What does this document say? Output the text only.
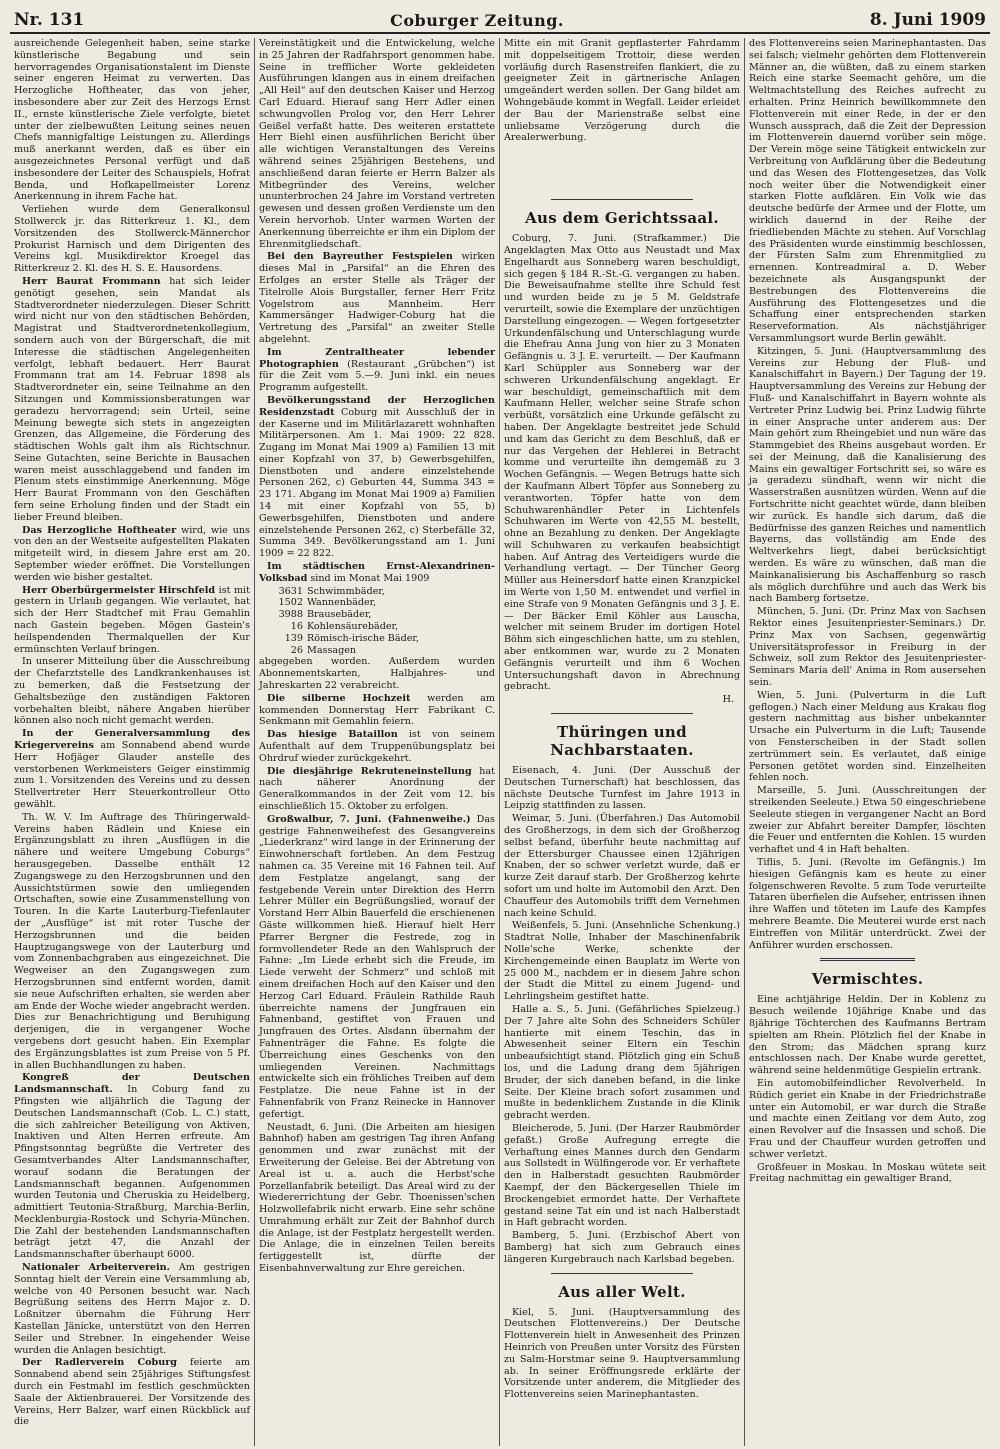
Nr. 131	Coburger Zeitung.	8. Juni 1909

ausreichende Gelegenheit haben, seine starke künstlerische Begabung und sein hervorragendes Organisationstalent im Dienste seiner engeren Heimat zu verwerten. Das Herzogliche Hoftheater, das von jeher, insbesondere aber zur Zeit des Herzogs Ernst II., ernste künstlerische Ziele verfolgte, bietet unter der zielbewußten Leitung seines neuen Chefs mannigfaltige Leistungen zu. Allerdings muß anerkannt werden, daß es über ein ausgezeichnetes Personal verfügt und daß insbesondere der Leiter des Schauspiels, Hofrat Benda, und Hofkapellmeister Lorenz Anerkennung in ihrem Fache hat.

Verliehen wurde dem Generalkonsul Stollwerck jr. das Ritterkreuz 1. Kl., dem Vorsitzenden des Stollwerck-Männerchor Prokurist Harnisch und dem Dirigenten des Vereins kgl. Musikdirektor Kroegel das Ritterkreuz 2. Kl. des H. S. E. Hausordens.

Herr Baurat Frommann hat sich leider genötigt gesehen, sein Mandat als Stadtverordneter niederzulegen. Dieser Schritt wird nicht nur von den städtischen Behörden, Magistrat und Stadtverordnetenkollegium, sondern auch von der Bürgerschaft, die mit Interesse die städtischen Angelegenheiten verfolgt, lebhaft bedauert. Herr Baurat Frommann trat am 14. Februar 1898 als Stadtverordneter ein, seine Teilnahme an den Sitzungen und Kommissionsberatungen war geradezu hervorragend; sein Urteil, seine Meinung bewegte sich stets in angezeigten Grenzen, das Allgemeine, die Förderung des städtischen Wohls galt ihm als Richtschnur. Seine Gutachten, seine Berichte in Bausachen waren meist ausschlaggebend und fanden im Plenum stets einstimmige Anerkennung. Möge Herr Baurat Frommann von den Geschäften fern seine Erholung finden und der Stadt ein lieber Freund bleiben.

Das Herzogliche Hoftheater wird, wie uns von den an der Westseite aufgestellten Plakaten mitgeteilt wird, in diesem Jahre erst am 20. September wieder eröffnet. Die Vorstellungen werden wie bisher gestaltet.

Herr Oberbürgermeister Hirschfeld ist mit gestern in Urlaub gegangen. Wie verlautet, hat sich der Herr Stadtchef mit Frau Gemahlin nach Gastein begeben. Mögen Gastein's heilspendenden Thermalquellen der Kur ermünschten Verlauf bringen.

In unserer Mitteilung über die Ausschreibung der Chefarztstelle des Landkrankenhauses ist zu bemerken, daß die Festsetzung der Gehaltsbezüge den zuständigen Faktoren vorbehalten bleibt, nähere Angaben hierüber können also noch nicht gemacht werden.

In der Generalversammlung des Kriegervereins am Sonnabend abend wurde Herr Hofjäger Glauder anstelle des verstorbenen Werkmeisters Geiger einstimmig zum 1. Vorsitzenden des Vereins und zu dessen Stellvertreter Herr Steuerkontrolleur Otto gewählt.

Th. W. V. Im Auftrage des Thüringerwald-Vereins haben Rädlein und Kniese ein Ergänzungsblatt zu ihren „Ausflügen in die nähere und weitere Umgebung Coburgs“ herausgegeben. Dasselbe enthält 12 Zugangswege zu den Herzogsbrunnen und den Aussichtstürmen sowie den umliegenden Ortschaften, sowie eine Zusammenstellung von Touren. In die Karte Lauterburg-Tiefenlauter der „Ausflüge“ ist mit roter Tusche der Herzogsbrunnen und die beiden Hauptzugangswege von der Lauterburg und vom Zonnenbachgraben aus eingezeichnet. Die Wegweiser an den Zugangswegen zum Herzogsbrunnen sind entfernt worden, damit sie neue Aufschriften erhalten, sie werden aber am Ende der Woche wieder angebracht werden. Dies zur Benachrichtigung und Beruhigung derjenigen, die in vergangener Woche vergebens dort gesucht haben. Ein Exemplar des Ergänzungsblattes ist zum Preise von 5 Pf. in allen Buchhandlungen zu haben.

Kongreß der Deutschen Landsmannschaft. In Coburg fand zu Pfingsten wie alljährlich die Tagung der Deutschen Landsmannschaft (Cob. L. C.) statt, die sich zahlreicher Beteiligung von Aktiven, Inaktiven und Alten Herren erfreute. Am Pfingstsonntag begrüßte die Vertreter des Gesamtverbandes Alter Landsmannschafter, worauf sodann die Beratungen der Landsmannschaft begannen. Aufgenommen wurden Teutonia und Cheruskia zu Heidelberg, admittiert Teutonia-Straßburg, Marchia-Berlin, Mecklenburgia-Rostock und Schyria-München. Die Zahl der bestehenden Landsmannschaften beträgt jetzt 47, die Anzahl der Landsmannschafter überhaupt 6000.

Nationaler Arbeiterverein. Am gestrigen Sonntag hielt der Verein eine Versammlung ab, welche von 40 Personen besucht war. Nach Begrüßung seitens des Herrn Major z. D. Loßnitzer übernahm die Führung Herr Kastellan Jänicke, unterstützt von den Herren Seiler und Strebner. In eingehender Weise wurden die Anlagen besichtigt.

Der Radlerverein Coburg feierte am Sonnabend abend sein 25jähriges Stiftungsfest durch ein Festmahl im festlich geschmückten Saale der Aktienbrauerei. Der Vorsitzende des Vereins, Herr Balzer, warf einen Rückblick auf die

Vereinstätigkeit und die Entwickelung, welche in 25 Jahren der Radfahrsport genommen habe. Seine in trefflicher Worte gekleideten Ausführungen klangen aus in einem dreifachen „All Heil“ auf den deutschen Kaiser und Herzog Carl Eduard. Hierauf sang Herr Adler einen schwungvollen Prolog vor, den Herr Lehrer Geißel verfaßt hatte. Des weiteren erstattete Herr Biehl einen ausführlichen Bericht über alle wichtigen Veranstaltungen des Vereins während seines 25jährigen Bestehens, und anschließend daran feierte er Herrn Balzer als Mitbegründer des Vereins, welcher ununterbrochen 24 Jahre im Vorstand vertreten gewesen und dessen großen Verdienste um den Verein hervorhob. Unter warmen Worten der Anerkennung überreichte er ihm ein Diplom der Ehrenmitgliedschaft.

Bei den Bayreuther Festspielen wirken dieses Mal in „Parsifal“ an die Ehren des Erfolges an erster Stelle als Träger der Titelrolle Alois Burgstaller, ferner Herr Fritz Vogelstrom aus Mannheim. Herr Kammersänger Hadwiger-Coburg hat die Vertretung des „Parsifal“ an zweiter Stelle abgelehnt.

Im Zentraltheater lebender Photographien (Restaurant „Grübchen“) ist für die Zeit vom 5.—9. Juni inkl. ein neues Programm aufgestellt.

Bevölkerungsstand der Herzoglichen Residenzstadt Coburg mit Ausschluß der in der Kaserne und im Militärlazarett wohnhaften Militärpersonen. Am 1. Mai 1909: 22 828. Zugang im Monat Mai 1909 a) Familien 13 mit einer Kopfzahl von 37, b) Gewerbsgehilfen, Dienstboten und andere einzelstehende Personen 262, c) Geburten 44, Summa 343 = 23 171. Abgang im Monat Mai 1909 a) Familien 14 mit einer Kopfzahl von 55, b) Gewerbsgehilfen, Dienstboten und andere einzelstehende Personen 262, c) Sterbefälle 32, Summa 349. Bevölkerungsstand am 1. Juni 1909 = 22 822.

Im städtischen Ernst-Alexandrinen-Volksbad sind im Monat Mai 1909

3631 Schwimmbäder,
1502 Wannenbäder,
3988 Brausebäder,
16 Kohlensäurebäder,
139 Römisch-irische Bäder,
26 Massagen

abgegeben worden. Außerdem wurden Abonnementskarten, Halbjahres- und Jahreskarten 22 verabreicht.

Die silberne Hochzeit werden am kommenden Donnerstag Herr Fabrikant C. Senkmann mit Gemahlin feiern.

Das hiesige Bataillon ist von seinem Aufenthalt auf dem Truppenübungsplatz bei Ohrdruf wieder zurückgekehrt.

Die diesjährige Rekruteneinstellung hat nach näherer Anordnung der Generalkommandos in der Zeit vom 12. bis einschließlich 15. Oktober zu erfolgen.

Großwalbur, 7. Juni. (Fahnenweihe.) Das gestrige Fahnenweihefest des Gesangvereins „Liederkranz“ wird lange in der Erinnerung der Einwohnerschaft fortleben. An dem Festzug nahmen ca. 35 Vereine mit 16 Fahnen teil. Auf dem Festplatze angelangt, sang der festgebende Verein unter Direktion des Herrn Lehrer Müller ein Begrüßungslied, worauf der Vorstand Herr Albin Bauerfeld die erschienenen Gäste willkommen hieß. Hierauf hielt Herr Pfarrer Bergner die Festrede, zog in formvollendeter Rede an den Wahlspruch der Fahne: „Im Liede erhebt sich die Freude, im Liede verweht der Schmerz“ und schloß mit einem dreifachen Hoch auf den Kaiser und den Herzog Carl Eduard. Fräulein Rathilde Rauh überreichte namens der Jungfrauen ein Fahnenband, gestiftet von Frauen und Jungfrauen des Ortes. Alsdann übernahm der Fahnenträger die Fahne. Es folgte die Überreichung eines Geschenks von den umliegenden Vereinen. Nachmittags entwickelte sich ein fröhliches Treiben auf dem Festplatze. Die neue Fahne ist in der Fahnenfabrik von Franz Reinecke in Hannover gefertigt.

Neustadt, 6. Juni. (Die Arbeiten am hiesigen Bahnhof) haben am gestrigen Tag ihren Anfang genommen und zwar zunächst mit der Erweiterung der Geleise. Bei der Abtretung von Areal ist u. a. auch die Herbst'sche Porzellanfabrik beteiligt. Das Areal wird zu der Wiedererrichtung der Gebr. Thoenissen'schen Holzwollefabrik nicht erwarb. Eine sehr schöne Umrahmung erhält zur Zeit der Bahnhof durch die Anlage, ist der Festplatz hergestellt werden. Die Anlage, die in einzelnen Teilen bereits fertiggestellt ist, dürfte der Eisenbahnverwaltung zur Ehre gereichen.

Mitte ein mit Granit gepflasterter Fahrdamm mit doppelseitigem Trottoir, diese werden vorläufig durch Rasenstreifen flankiert, die zu geeigneter Zeit in gärtnerische Anlagen umgeändert werden sollen. Der Gang bildet am Wohngebäude kommt in Wegfall. Leider erleidet der Bau der Marienstraße selbst eine unliebsame Verzögerung durch die Arealerwerbung.

Aus dem Gerichtssaal.

Coburg, 7. Juni. (Strafkammer.) Die Angeklagten Max Otto aus Neustadt und Max Engelhardt aus Sonneberg waren beschuldigt, sich gegen § 184 R.-St.-G. vergangen zu haben. Die Beweisaufnahme stellte ihre Schuld fest und wurden beide zu je 5 M. Geldstrafe verurteilt, sowie die Exemplare der unzüchtigen Darstellung eingezogen. — Wegen fortgesetzter Urkundenfälschung und Unterschlagung wurde die Ehefrau Anna Jung von hier zu 3 Monaten Gefängnis u. 3 J. E. verurteilt. — Der Kaufmann Karl Schüppler aus Sonneberg war der schweren Urkundenfälschung angeklagt. Er war beschuldigt, gemeinschaftlich mit dem Kaufmann Heller, welcher seine Strafe schon verbüßt, vorsätzlich eine Urkunde gefälscht zu haben. Der Angeklagte bestreitet jede Schuld und kam das Gericht zu dem Beschluß, daß er nur das Vergehen der Hehlerei in Betracht komme und verurteilte ihn demgemäß zu 3 Wochen Gefängnis. — Wegen Betrugs hatte sich der Kaufmann Albert Töpfer aus Sonneberg zu verantworten. Töpfer hatte von dem Schuhwarenhändler Peter in Lichtenfels Schuhwaren im Werte von 42,55 M. bestellt, ohne an Bezahlung zu denken. Der Angeklagte will Schuhwaren zu verkaufen beabsichtigt haben. Auf Antrag des Verteidigers wurde die Verhandlung vertagt. — Der Tüncher Georg Müller aus Heinersdorf hatte einen Kranzpickel im Werte von 1,50 M. entwendet und verfiel in eine Strafe von 9 Monaten Gefängnis und 3 J. E. — Der Bäcker Emil Köhler aus Lauscha, welcher mit seinem Bruder im dortigen Hotel Böhm sich eingeschlichen hatte, um zu stehlen, aber entkommen war, wurde zu 2 Monaten Gefängnis verurteilt und ihm 6 Wochen Untersuchungshaft davon in Abrechnung gebracht.

H.
Thüringen und Nachbarstaaten.

Eisenach, 4. Juni. (Der Ausschuß der Deutschen Turnerschaft) hat beschlossen, das nächste Deutsche Turnfest im Jahre 1913 in Leipzig stattfinden zu lassen.

Weimar, 5. Juni. (Überfahren.) Das Automobil des Großherzogs, in dem sich der Großherzog selbst befand, überfuhr heute nachmittag auf der Ettersburger Chaussee einen 12jährigen Knaben, der so schwer verletzt wurde, daß er kurze Zeit darauf starb. Der Großherzog kehrte sofort um und holte im Automobil den Arzt. Den Chauffeur des Automobils trifft dem Vernehmen nach keine Schuld.

Weißenfels, 5. Juni. (Ansehnliche Schenkung.) Stadtrat Nolle, Inhaber der Maschinenfabrik Nolle'sche Werke, schenkte der Kirchengemeinde einen Bauplatz im Werte von 25 000 M., nachdem er in diesem Jahre schon der Stadt die Mittel zu einem Jugend- und Lehrlingsheim gestiftet hatte.

Halle a. S., 5. Juni. (Gefährliches Spielzeug.) Der 7 Jahre alte Sohn des Schneiders Schüler hantierte mit einem Teschin, das in Abwesenheit seiner Eltern ein Teschin unbeaufsichtigt stand. Plötzlich ging ein Schuß los, und die Ladung drang dem 5jährigen Bruder, der sich daneben befand, in die linke Seite. Der Kleine brach sofort zusammen und mußte in bedenklichem Zustande in die Klinik gebracht werden.

Bleicherode, 5. Juni. (Der Harzer Raubmörder gefaßt.) Große Aufregung erregte die Verhaftung eines Mannes durch den Gendarm aus Sollstedt in Wülfingerode vor. Er verhaftete den in Halberstadt gesuchten Raubmörder Kaempf, der den Bäckergesellen Thiele im Brockengebiet ermordet hatte. Der Verhaftete gestand seine Tat ein und ist nach Halberstadt in Haft gebracht worden.

Bamberg, 5. Juni. (Erzbischof Abert von Bamberg) hat sich zum Gebrauch eines längeren Kurgebrauch nach Karlsbad begeben.

Aus aller Welt.

Kiel, 5. Juni. (Hauptversammlung des Deutschen Flottenvereins.) Der Deutsche Flottenverein hielt in Anwesenheit des Prinzen Heinrich von Preußen unter Vorsitz des Fürsten zu Salm-Horstmar seine 9. Hauptversammlung ab. In seiner Eröffnungsrede erklärte der Vorsitzende unter anderem, die Mitglieder des Flottenvereins seien Marinephantasten.

des Flottenvereins seien Marinephantasten. Das sei falsch; vielmehr gehörten dem Flottenverein Männer an, die wüßten, daß zu einem starken Reich eine starke Seemacht gehöre, um die Weltmachtstellung des Reiches aufrecht zu erhalten. Prinz Heinrich bewillkommnete den Flottenverein mit einer Rede, in der er den Wunsch aussprach, daß die Zeit der Depression im Flottenverein dauernd vorüber sein möge. Der Verein möge seine Tätigkeit entwickeln zur Verbreitung von Aufklärung über die Bedeutung und das Wesen des Flottengesetzes, das Volk noch weiter über die Notwendigkeit einer starken Flotte aufklären. Ein Volk wie das deutsche bedürfe der Armee und der Flotte, um wirklich dauernd in der Reihe der friedliebenden Mächte zu stehen. Auf Vorschlag des Präsidenten wurde einstimmig beschlossen, der Fürsten Salm zum Ehrenmitglied zu ernennen. Kontreadmiral a. D. Weber bezeichnete als Ausgangspunkt der Bestrebungen des Flottenvereins die Ausführung des Flottengesetzes und die Schaffung einer entsprechenden starken Reserveformation. Als nächstjähriger Versammlungsort wurde Berlin gewählt.

Kitzingen, 5. Juni. (Hauptversammlung des Vereins zur Hebung der Fluß- und Kanalschiffahrt in Bayern.) Der Tagung der 19. Hauptversammlung des Vereins zur Hebung der Fluß- und Kanalschiffahrt in Bayern wohnte als Vertreter Prinz Ludwig bei. Prinz Ludwig führte in einer Ansprache unter anderem aus: Der Main gehört zum Rheingebiet und nun wäre das Stammgebiet des Rheins ausgebaut worden. Er sei der Meinung, daß die Kanalisierung des Mains ein gewaltiger Fortschritt sei, so wäre es ja geradezu sündhaft, wenn wir nicht die Wasserstraßen ausnützen würden. Wenn auf die Fortschritte nicht geachtet würde, dann bleiben wir zurück. Es handle sich darum, daß die Bedürfnisse des ganzen Reiches und namentlich Bayerns, das vollständig am Ende des Weltverkehrs liegt, dabei berücksichtigt werden. Es wäre zu wünschen, daß man die Mainkanalisierung bis Aschaffenburg so rasch als möglich durchführe und auch das Werk bis nach Bamberg fortsetze.

München, 5. Juni. (Dr. Prinz Max von Sachsen Rektor eines Jesuitenpriester-Seminars.) Dr. Prinz Max von Sachsen, gegenwärtig Universitätsprofessor in Freiburg in der Schweiz, soll zum Rektor des Jesuitenpriester-Seminars Maria dell' Anima in Rom ausersehen sein.

Wien, 5. Juni. (Pulverturm in die Luft geflogen.) Nach einer Meldung aus Krakau flog gestern nachmittag aus bisher unbekannter Ursache ein Pulverturm in die Luft; Tausende von Fensterscheiben in der Stadt sollen zertrümmert sein. Es verlautet, daß einige Personen getötet worden sind. Einzelheiten fehlen noch.

Marseille, 5. Juni. (Ausschreitungen der streikenden Seeleute.) Etwa 50 eingeschriebene Seeleute stiegen in vergangener Nacht an Bord zweier zur Abfahrt bereiter Dampfer, löschten die Feuer und entfernten die Kohlen. 15 wurden verhaftet und 4 in Haft behalten.

Tiflis, 5. Juni. (Revolte im Gefängnis.) Im hiesigen Gefängnis kam es heute zu einer folgenschweren Revolte. 5 zum Tode verurteilte Tataren überfielen die Aufseher, entrissen ihnen ihre Waffen und töteten im Laufe des Kampfes mehrere Beamte. Die Meuterei wurde erst nach Eintreffen von Militär unterdrückt. Zwei der Anführer wurden erschossen.

Vermischtes.

Eine achtjährige Heldin. Der in Koblenz zu Besuch weilende 10jährige Knabe und das 8jährige Töchterchen des Kaufmanns Bertram spielten am Rhein. Plötzlich fiel der Knabe in den Strom; das Mädchen sprang kurz entschlossen nach. Der Knabe wurde gerettet, während seine heldenmütige Gespielin ertrank.

Ein automobilfeindlicher Revolverheld. In Rüdich geriet ein Knabe in der Friedrichstraße unter ein Automobil, er war durch die Straße und machte einen Zeitlang vor dem Auto, zog einen Revolver auf die Insassen und schoß. Die Frau und der Chauffeur wurden getroffen und schwer verletzt.

Großfeuer in Moskau. In Moskau wütete seit Freitag nachmittag ein gewaltiger Brand,
